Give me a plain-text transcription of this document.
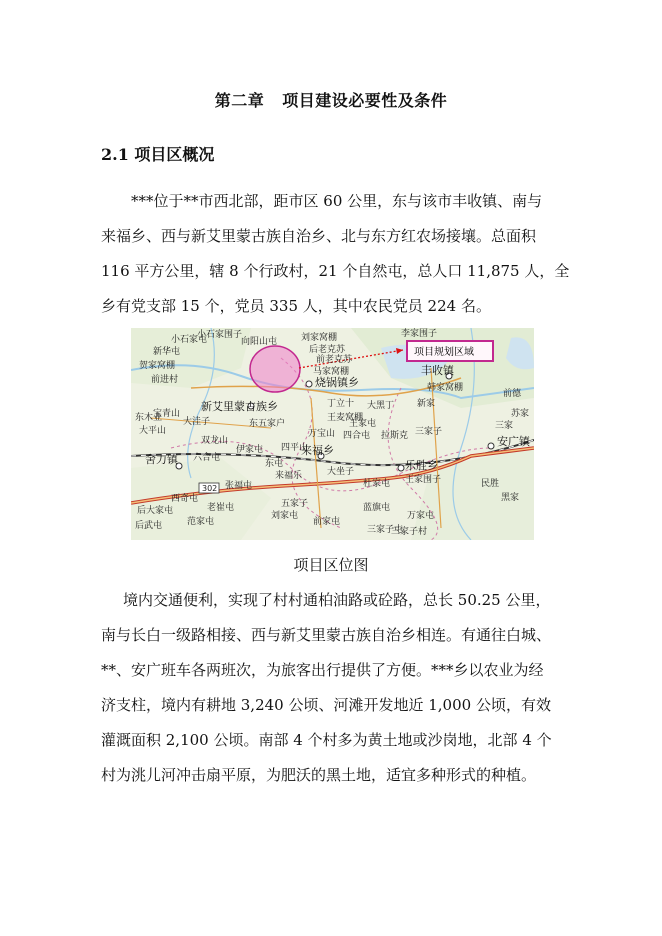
第二章 项目建设必要性及条件
2.1 项目区概况

***位于**市西北部，距市区 60 公里，东与该市丰收镇、南与

来福乡、西与新艾里蒙古族自治乡、北与东方红农场接壤。总面积

116 平方公里，辖 8 个行政村，21 个自然屯，总人口 11,875 人，全

乡有党支部 15 个，党员 335 人，其中农民党员 224 名。

项目规划区域
302
烧锅镇乡
丰收镇
新艾里蒙古族乡
来福乡
安广镇
乐胜乡
舍力镇
小石家围子	刘家窝棚
后老克苏
前老克苏
向阳山屯
新华屯
贺家窝棚
李家围子
小石家屯
马家窝棚
韩家窝棚
前德
前进村
大洼子
大平山
宝青山
东木业
双龙山
伊家屯
六合屯
东五家户
四平山
万宝山 四合屯 拉斯克
王麦窝棚
丁立十 大黑丁
三家子
王家屯
来福乐	大坐子
东屯
张福屯
五家子
杜家屯
刘家屯
前家屯
西奇屯
后大家屯
范家屯
老崔屯
后武屯	三家子屯
蓝旗屯
民胜
王家围子
万家屯
三家子村
黑家
苏家
三家
新家
项目区位图

境内交通便利，实现了村村通柏油路或砼路，总长 50.25 公里，

南与长白一级路相接、西与新艾里蒙古族自治乡相连。有通往白城、

**、安广班车各两班次，为旅客出行提供了方便。***乡以农业为经

济支柱，境内有耕地 3,240 公顷、河滩开发地近 1,000 公顷，有效

灌溉面积 2,100 公顷。南部 4 个村多为黄土地或沙岗地，北部 4 个

村为洮儿河冲击扇平原，为肥沃的黑土地，适宜多种形式的种植。
